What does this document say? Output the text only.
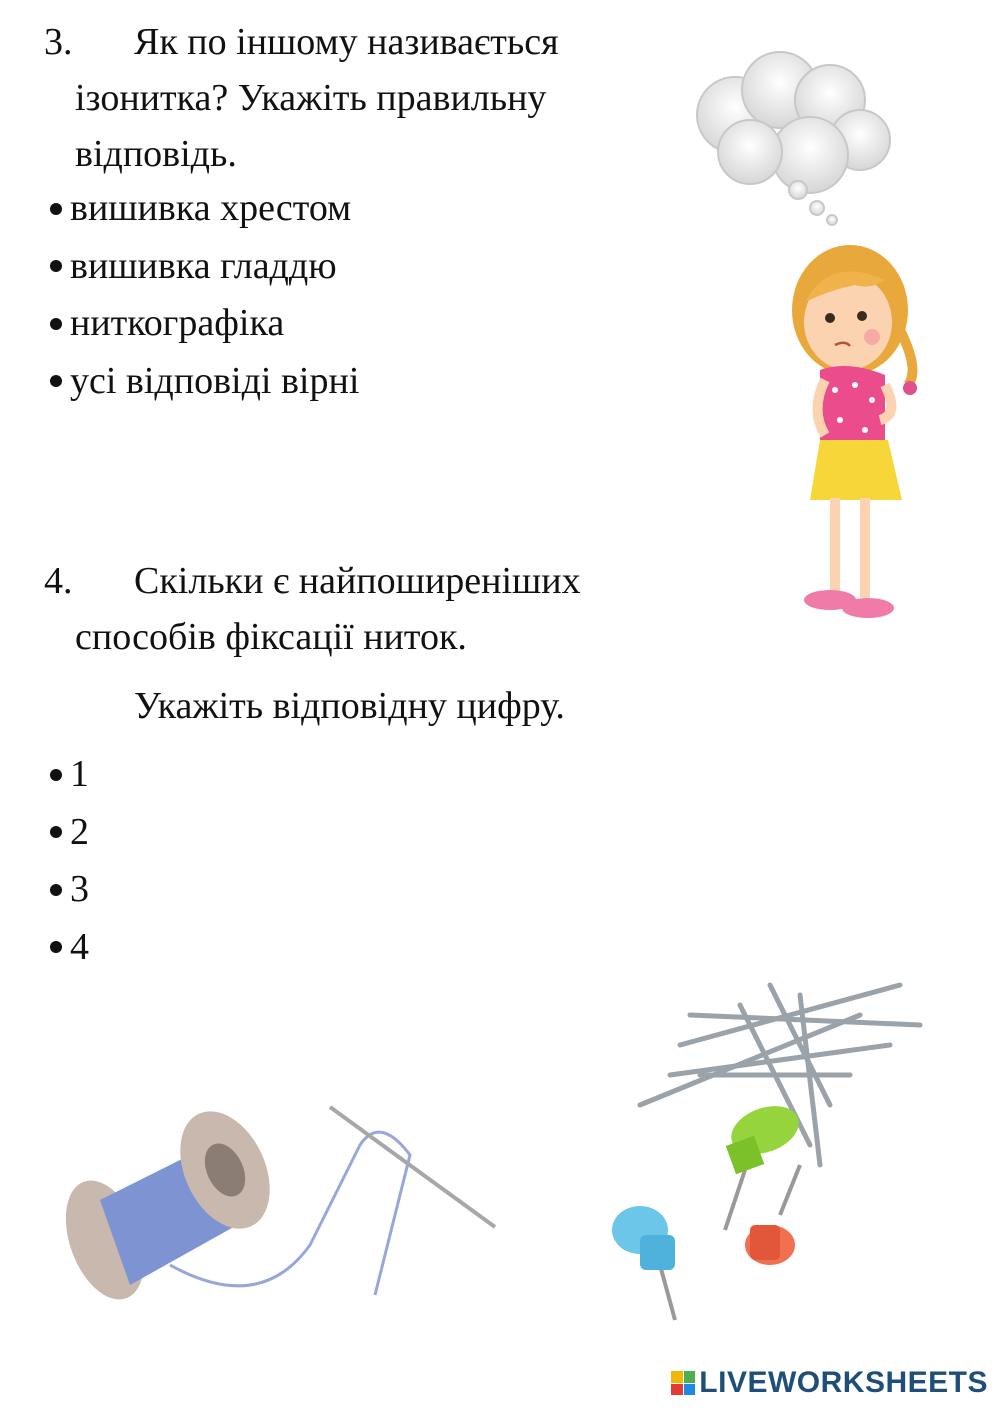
3. Як по іншому називається
ізонитка? Укажіть правильну
відповідь.
вишивка хрестом
вишивка гладдю
ниткографіка
усі відповіді вірні
4. Скільки є найпоширеніших
способів фіксації ниток.
Укажіть відповідну цифру.
1
2
3
4
LIVEWORKSHEETS
